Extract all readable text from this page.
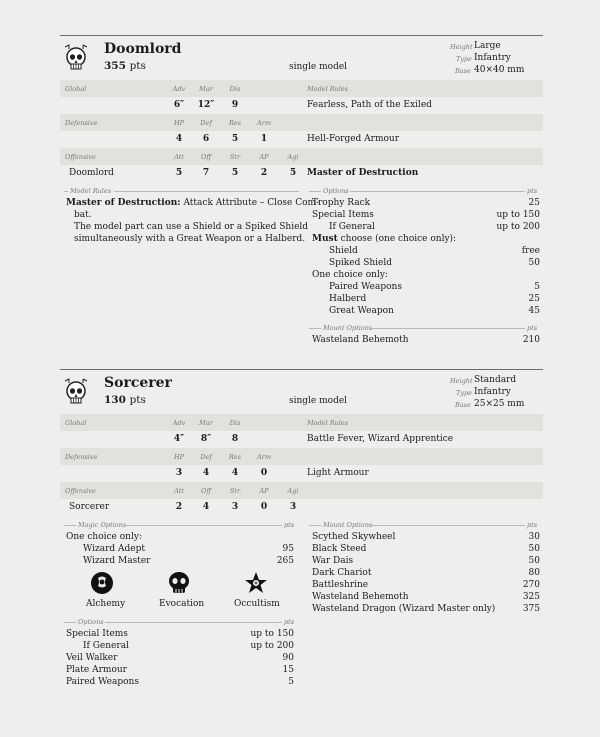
Doomlord
355 pts	single model
Height Large
Type Infantry
Base 40×40 mm
Global	Adv	Mar	Dis	Model Rules
6″	12″	9	Fearless, Path of the Exiled
Defensive	HP	Def	Res	Arm
4	6	5	1	Hell-Forged Armour
Offensive	Att	Off	Str	AP	Agi
Doomlord	5	7	5	2	5	Master of Destruction
Model Rules
Master of Destruction: Attack Attribute – Close Com-
bat.
The model part can use a Shield or a Spiked Shield
simultaneously with a Great Weapon or a Halberd.
Options	pts
Trophy Rack	25
Special Items	up to 150
If General	up to 200
Must choose (one choice only):
Shield	free
Spiked Shield	50
One choice only:
Paired Weapons	5
Halberd	25
Great Weapon	45
Mount Options	pts
Wasteland Behemoth	210
Sorcerer
130 pts	single model
Height Standard
Type Infantry
Base 25×25 mm
Global	Adv	Mar	Dis	Model Rules
4″	8″	8	Battle Fever, Wizard Apprentice
Defensive	HP	Def	Res	Arm
3	4	4	0	Light Armour
Offensive	Att	Off	Str	AP	Agi
Sorcerer	2	4	3	0	3
Magic Options	pts
One choice only:
Wizard Adept	95
Wizard Master	265
Alchemy	Evocation	Occultism
Options	pts
Special Items	up to 150
If General	up to 200
Veil Walker	90
Plate Armour	15
Paired Weapons	5
Mount Options	pts
Scythed Skywheel	30
Black Steed	50
War Dais	50
Dark Chariot	80
Battleshrine	270
Wasteland Behemoth	325
Wasteland Dragon (Wizard Master only)	375
